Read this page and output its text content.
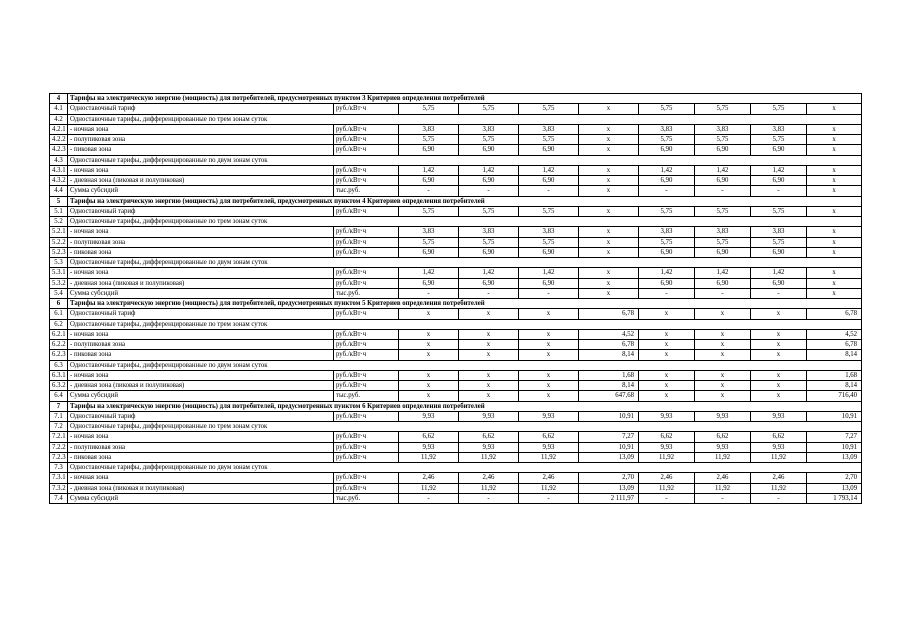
4	Тарифы на электрическую энергию (мощность) для потребителей, предусмотренных пунктом 3 Критериев определения потребителей									
4.1	Одноставочный тариф	руб./кВт·ч	5,75	5,75	5,75	х	5,75	5,75	5,75	х
4.2	Одноставочные тарифы, дифференцированные по трем зонам суток									
4.2.1	- ночная зона	руб./кВт·ч	3,83	3,83	3,83	х	3,83	3,83	3,83	х
4.2.2	- полупиковая зона	руб./кВт·ч	5,75	5,75	5,75	х	5,75	5,75	5,75	х
4.2.3	- пиковая зона	руб./кВт·ч	6,90	6,90	6,90	х	6,90	6,90	6,90	х
4.3	Одноставочные тарифы, дифференцированные по двум зонам суток									
4.3.1	- ночная зона	руб./кВт·ч	1,42	1,42	1,42	х	1,42	1,42	1,42	х
4.3.2	- дневная зона (пиковая и полупиковая)	руб./кВт·ч	6,90	6,90	6,90	х	6,90	6,90	6,90	х
4.4	Сумма субсидий	тыс.руб.	-	-	-	х	-	-	-	х
5	Тарифы на электрическую энергию (мощность) для потребителей, предусмотренных пунктом 4 Критериев определения потребителей									
5.1	Одноставочный тариф	руб./кВт·ч	5,75	5,75	5,75	х	5,75	5,75	5,75	х
5.2	Одноставочные тарифы, дифференцированные по трем зонам суток									
5.2.1	- ночная зона	руб./кВт·ч	3,83	3,83	3,83	х	3,83	3,83	3,83	х
5.2.2	- полупиковая зона	руб./кВт·ч	5,75	5,75	5,75	х	5,75	5,75	5,75	х
5.2.3	- пиковая зона	руб./кВт·ч	6,90	6,90	6,90	х	6,90	6,90	6,90	х
5.3	Одноставочные тарифы, дифференцированные по двум зонам суток									
5.3.1	- ночная зона	руб./кВт·ч	1,42	1,42	1,42	х	1,42	1,42	1,42	х
5.3.2	- дневная зона (пиковая и полупиковая)	руб./кВт·ч	6,90	6,90	6,90	х	6,90	6,90	6,90	х
5.4	Сумма субсидий	тыс.руб.	-	-	-	х	-	-	-	х
6	Тарифы на электрическую энергию (мощность) для потребителей, предусмотренных пунктом 5 Критериев определения потребителей									
6.1	Одноставочный тариф	руб./кВт·ч	х	х	х	6,78	х	х	х	6,78
6.2	Одноставочные тарифы, дифференцированные по трем зонам суток									
6.2.1	- ночная зона	руб./кВт·ч	х	х	х	4,52	х	х	х	4,52
6.2.2	- полупиковая зона	руб./кВт·ч	х	х	х	6,78	х	х	х	6,78
6.2.3	- пиковая зона	руб./кВт·ч	х	х	х	8,14	х	х	х	8,14
6.3	Одноставочные тарифы, дифференцированные по двум зонам суток									
6.3.1	- ночная зона	руб./кВт·ч	х	х	х	1,68	х	х	х	1,68
6.3.2	- дневная зона (пиковая и полупиковая)	руб./кВт·ч	х	х	х	8,14	х	х	х	8,14
6.4	Сумма субсидий	тыс.руб.	х	х	х	647,68	х	х	х	716,40
7	Тарифы на электрическую энергию (мощность) для потребителей, предусмотренных пунктом 6 Критериев определения потребителей									
7.1	Одноставочный тариф	руб./кВт·ч	9,93	9,93	9,93	10,91	9,93	9,93	9,93	10,91
7.2	Одноставочные тарифы, дифференцированные по трем зонам суток									
7.2.1	- ночная зона	руб./кВт·ч	6,62	6,62	6,62	7,27	6,62	6,62	6,62	7,27
7.2.2	- полупиковая зона	руб./кВт·ч	9,93	9,93	9,93	10,91	9,93	9,93	9,93	10,91
7.2.3	- пиковая зона	руб./кВт·ч	11,92	11,92	11,92	13,09	11,92	11,92	11,92	13,09
7.3	Одноставочные тарифы, дифференцированные по двум зонам суток									
7.3.1	- ночная зона	руб./кВт·ч	2,46	2,46	2,46	2,70	2,46	2,46	2,46	2,70
7.3.2	- дневная зона (пиковая и полупиковая)	руб./кВт·ч	11,92	11,92	11,92	13,09	11,92	11,92	11,92	13,09
7.4	Сумма субсидий	тыс.руб.	-	-	-	2 111,97	-	-	-	1 793,14
